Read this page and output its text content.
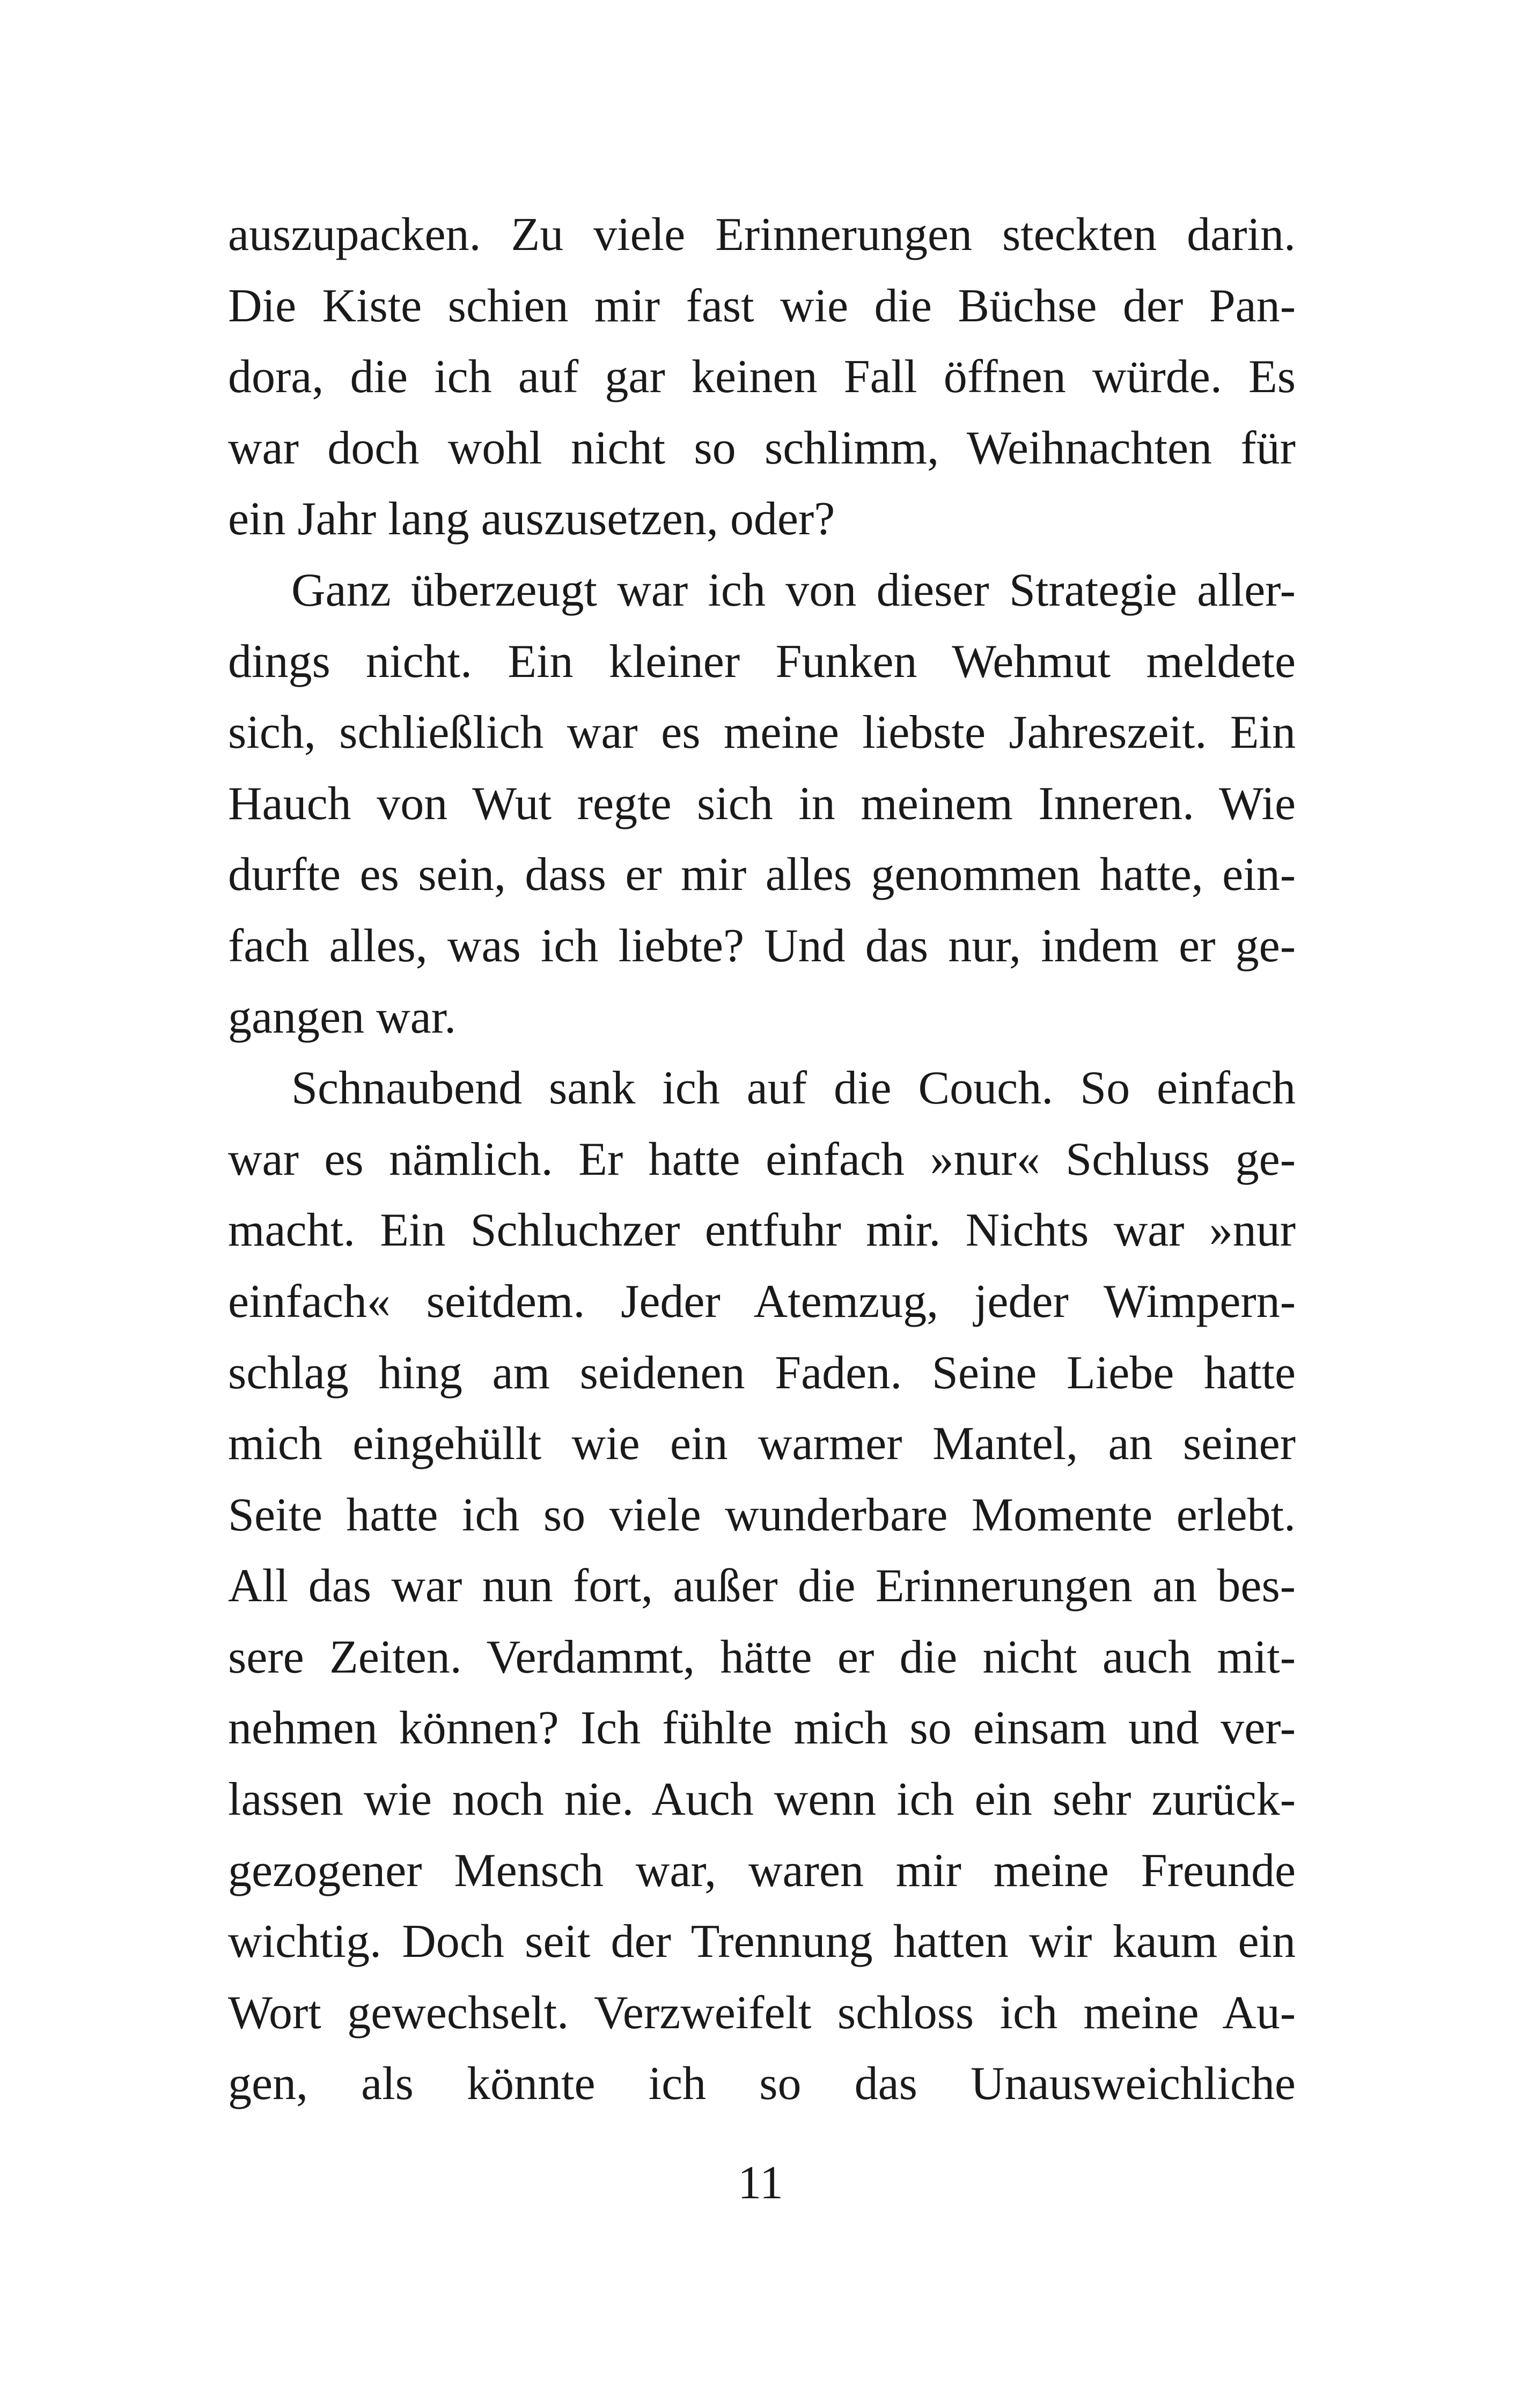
auszupacken. Zu viele Erinnerungen steckten darin.
Die Kiste schien mir fast wie die Büchse der Pan-
dora, die ich auf gar keinen Fall öffnen würde. Es
war doch wohl nicht so schlimm, Weihnachten für
ein Jahr lang auszusetzen, oder?
Ganz überzeugt war ich von dieser Strategie aller-
dings nicht. Ein kleiner Funken Wehmut meldete
sich, schließlich war es meine liebste Jahreszeit. Ein
Hauch von Wut regte sich in meinem Inneren. Wie
durfte es sein, dass er mir alles genommen hatte, ein-
fach alles, was ich liebte? Und das nur, indem er ge-
gangen war.
Schnaubend sank ich auf die Couch. So einfach
war es nämlich. Er hatte einfach »nur« Schluss ge-
macht. Ein Schluchzer entfuhr mir. Nichts war »nur
einfach« seitdem. Jeder Atemzug, jeder Wimpern-
schlag hing am seidenen Faden. Seine Liebe hatte
mich eingehüllt wie ein warmer Mantel, an seiner
Seite hatte ich so viele wunderbare Momente erlebt.
All das war nun fort, außer die Erinnerungen an bes-
sere Zeiten. Verdammt, hätte er die nicht auch mit-
nehmen können? Ich fühlte mich so einsam und ver-
lassen wie noch nie. Auch wenn ich ein sehr zurück-
gezogener Mensch war, waren mir meine Freunde
wichtig. Doch seit der Trennung hatten wir kaum ein
Wort gewechselt. Verzweifelt schloss ich meine Au-
gen, als könnte ich so das Unausweichliche
11
